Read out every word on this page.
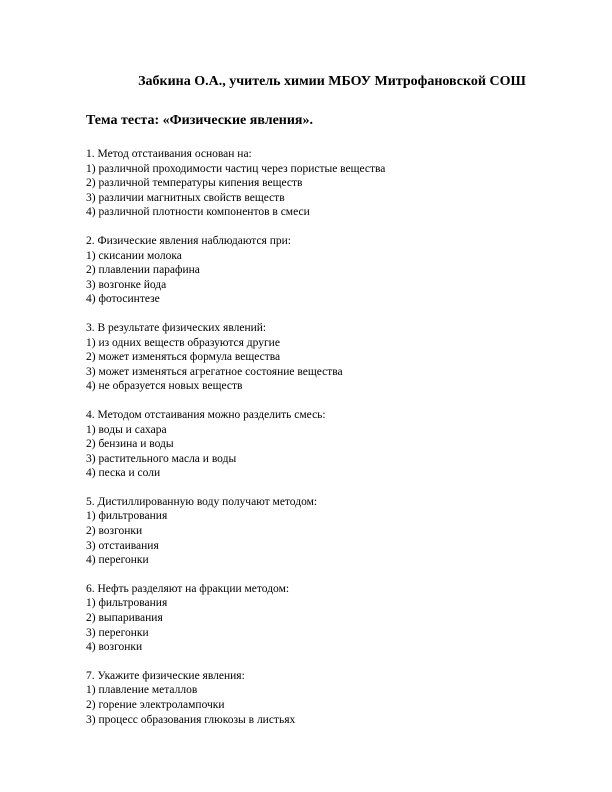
Забкина О.А., учитель химии МБОУ Митрофановской СОШ
Тема теста: «Физические явления».
1. Метод отстаивания основан на:
1) различной проходимости частиц через пористые вещества
2) различной температуры кипения веществ
3) различии магнитных свойств веществ
4) различной плотности компонентов в смеси
2. Физические явления наблюдаются при:
1) скисании молока
2) плавлении парафина
3) возгонке йода
4) фотосинтезе
3. В результате физических явлений:
1) из одних веществ образуются другие
2) может изменяться формула вещества
3) может изменяться агрегатное состояние вещества
4) не образуется новых веществ
4. Методом отстаивания можно разделить смесь:
1) воды и сахара
2) бензина и воды
3) растительного масла и воды
4) песка и соли
5. Дистиллированную воду получают методом:
1) фильтрования
2) возгонки
3) отстаивания
4) перегонки
6. Нефть разделяют на фракции методом:
1) фильтрования
2) выпаривания
3) перегонки
4) возгонки
7. Укажите физические явления:
1) плавление металлов
2) горение электролампочки
3) процесс образования глюкозы в листьях
